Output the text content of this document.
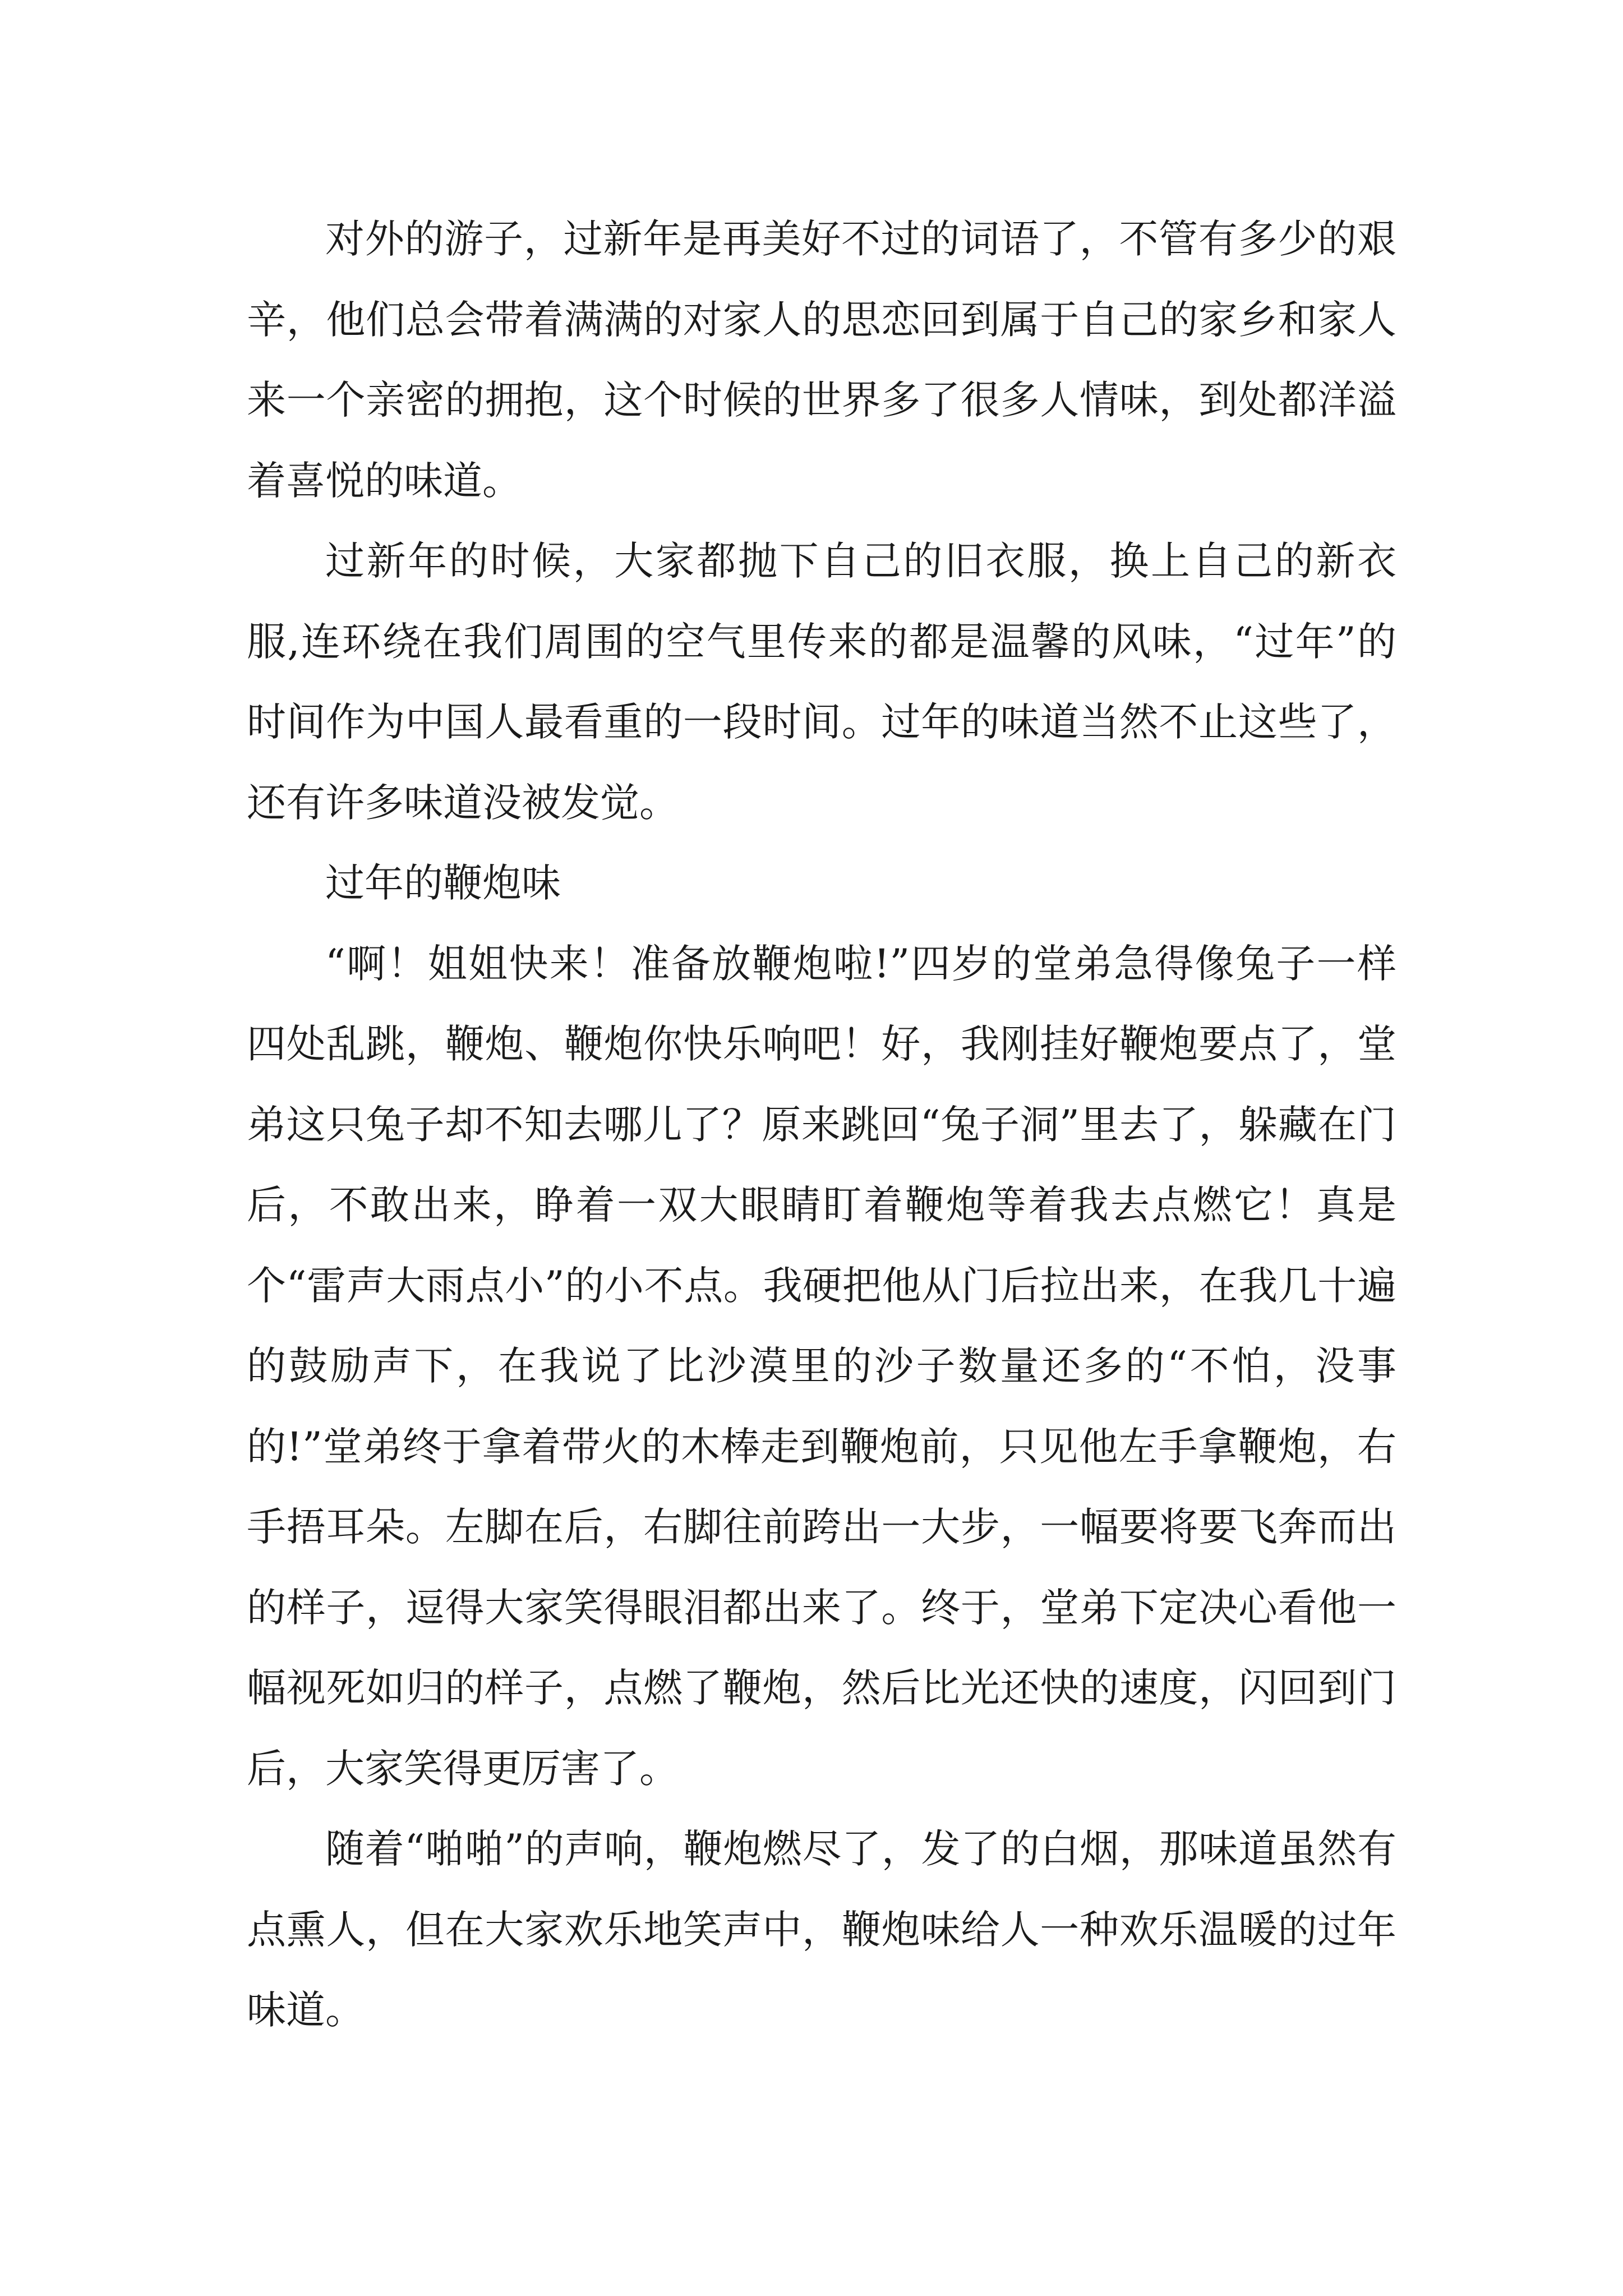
对外的游子，过新年是再美好不过的词语了，不管有多少的艰辛，他们总会带着满满的对家人的思恋回到属于自己的家乡和家人来一个亲密的拥抱，这个时候的世界多了很多人情味，到处都洋溢着喜悦的味道。

过新年的时候，大家都抛下自己的旧衣服，换上自己的新衣服,连环绕在我们周围的空气里传来的都是温馨的风味，“过年”的时间作为中国人最看重的一段时间。过年的味道当然不止这些了，还有许多味道没被发觉。

过年的鞭炮味

“啊！姐姐快来！准备放鞭炮啦!”四岁的堂弟急得像兔子一样四处乱跳，鞭炮、鞭炮你快乐响吧！好，我刚挂好鞭炮要点了，堂弟这只兔子却不知去哪儿了？原来跳回“兔子洞”里去了，躲藏在门后，不敢出来，睁着一双大眼睛盯着鞭炮等着我去点燃它！真是个“雷声大雨点小”的小不点。我硬把他从门后拉出来，在我几十遍的鼓励声下，在我说了比沙漠里的沙子数量还多的“不怕，没事的!”堂弟终于拿着带火的木棒走到鞭炮前，只见他左手拿鞭炮，右手捂耳朵。左脚在后，右脚往前跨出一大步，一幅要将要飞奔而出的样子，逗得大家笑得眼泪都出来了。终于，堂弟下定决心看他一幅视死如归的样子，点燃了鞭炮，然后比光还快的速度，闪回到门后，大家笑得更厉害了。

随着“啪啪”的声响，鞭炮燃尽了，发了的白烟，那味道虽然有点熏人，但在大家欢乐地笑声中，鞭炮味给人一种欢乐温暖的过年味道。
